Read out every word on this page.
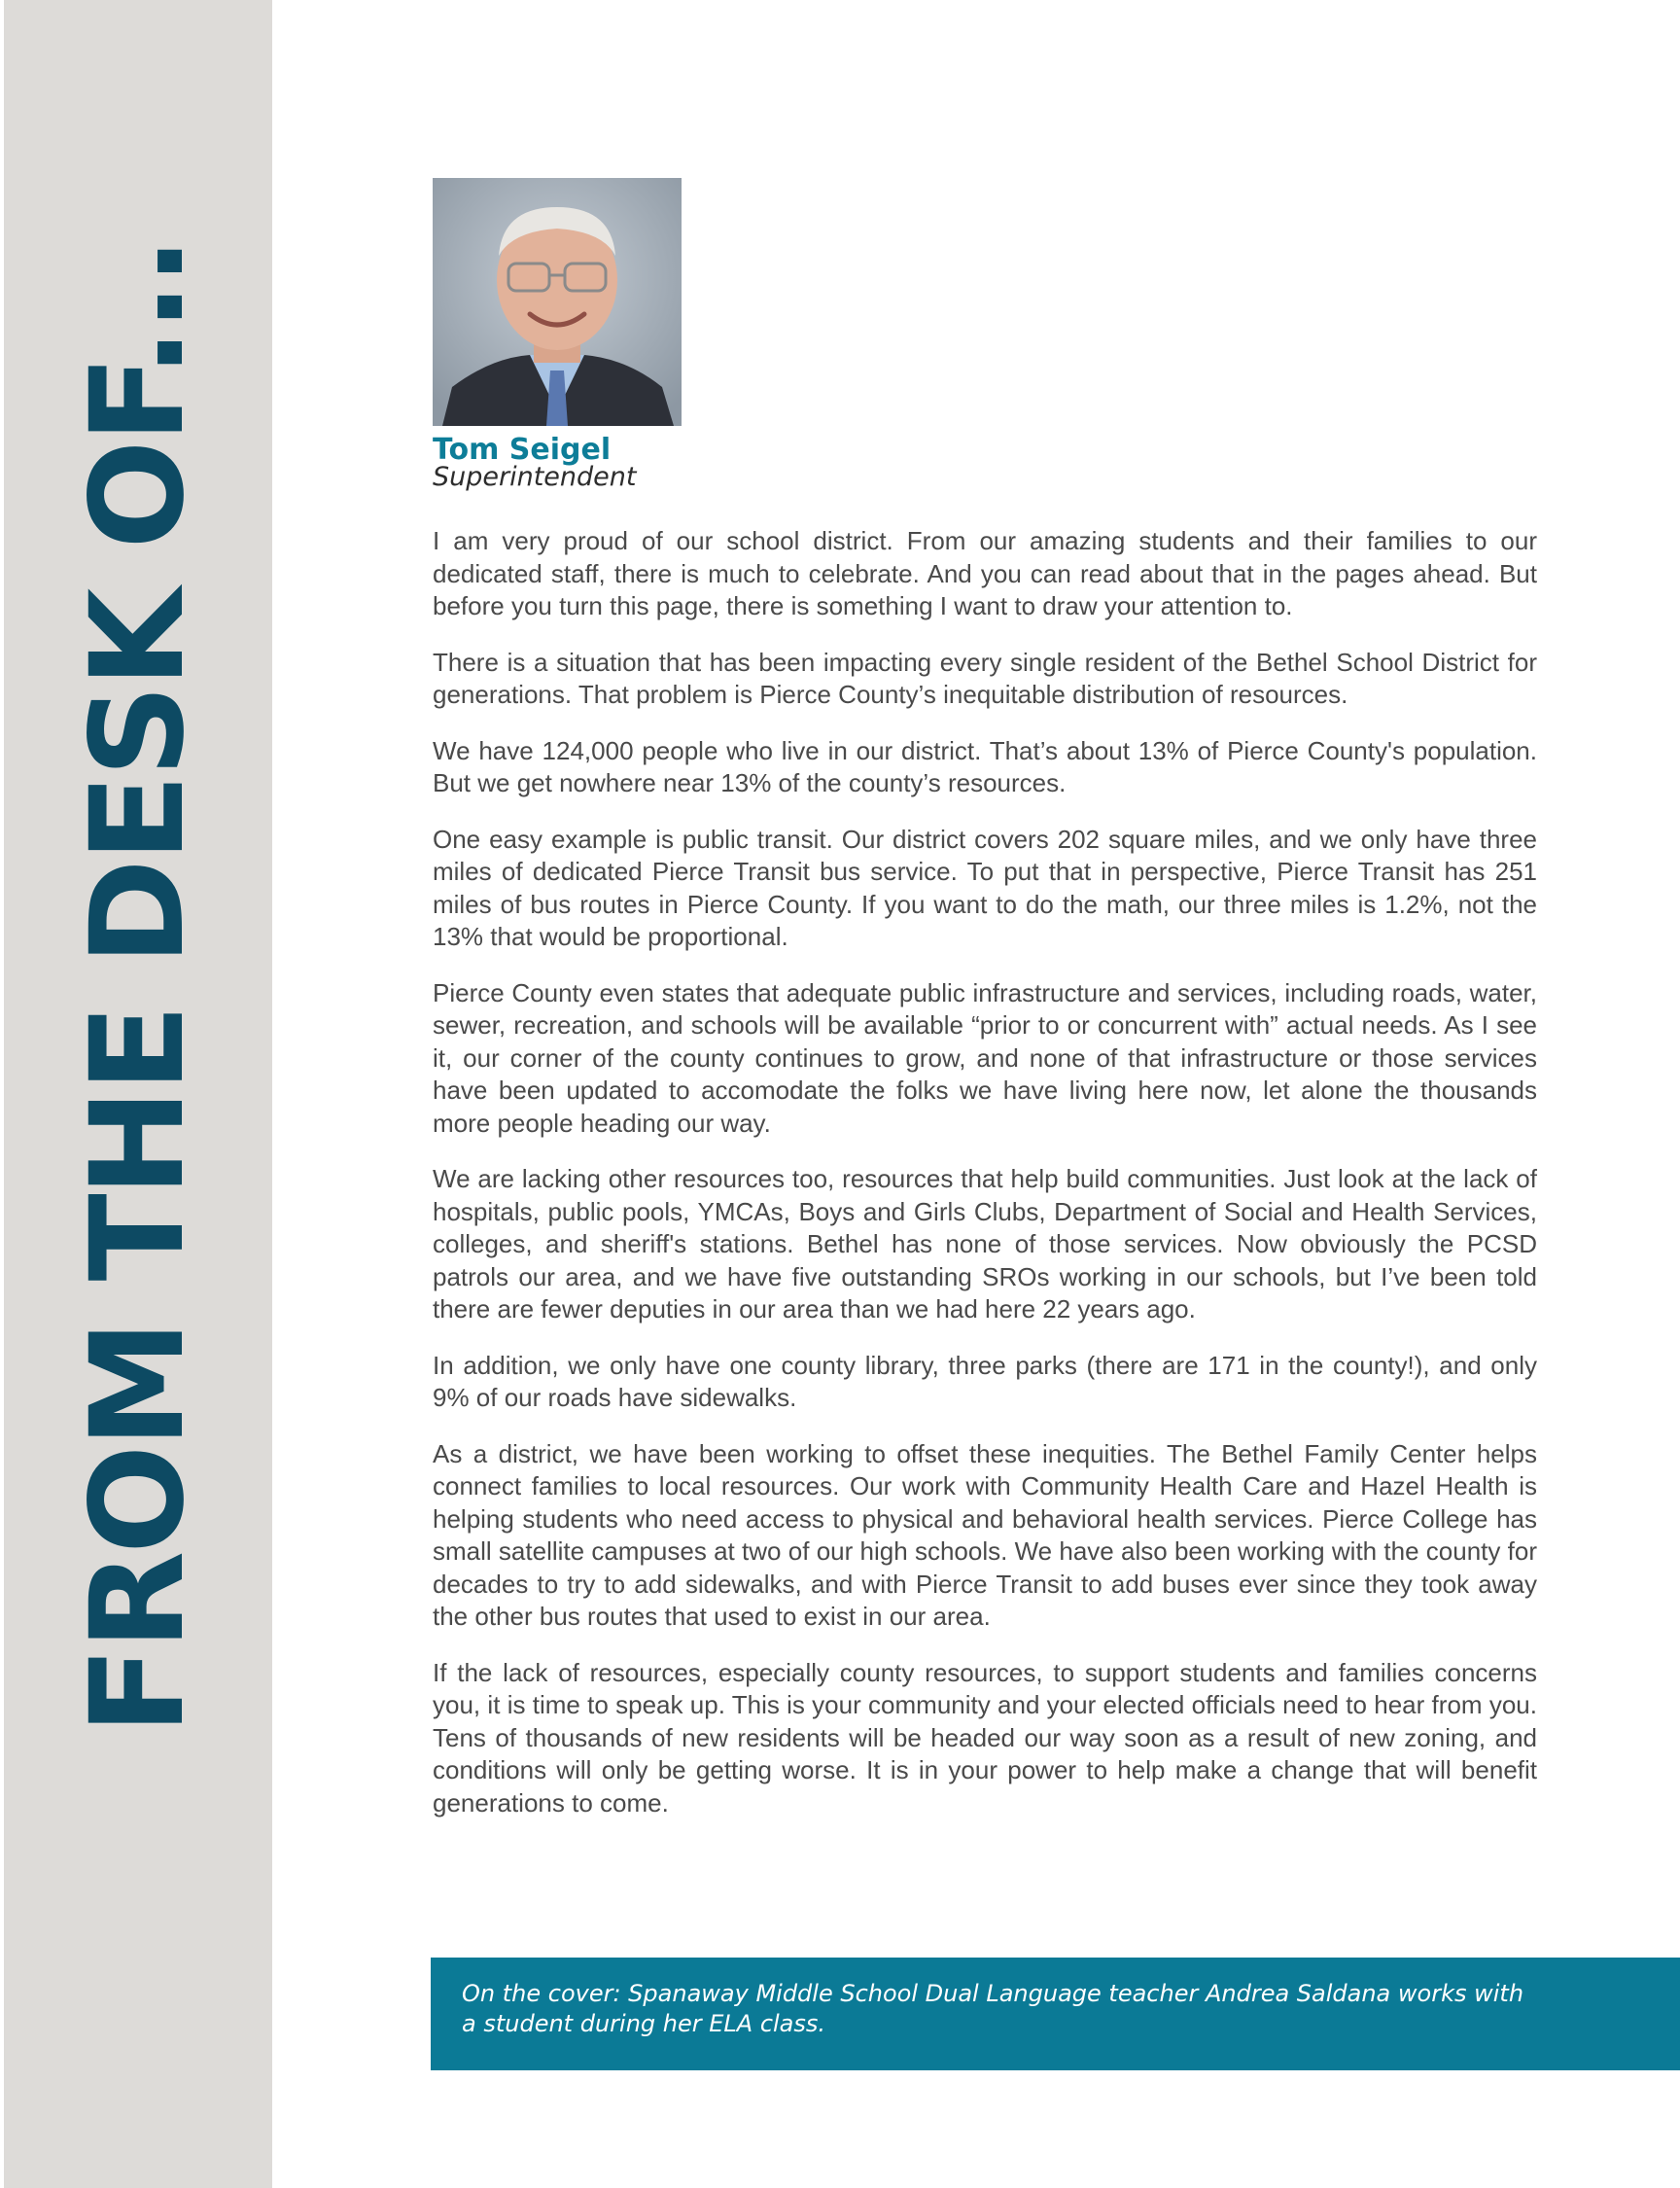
FROM THE DESK OF...	Tom Seigel
Superintendent

I am very proud of our school district. From our amazing students and their families to our dedicated staff, there is much to celebrate. And you can read about that in the pages ahead. But before you turn this page, there is something I want to draw your attention to.

There is a situation that has been impacting every single resident of the Bethel School District for generations. That problem is Pierce County’s inequitable distribution of resources.

We have 124,000 people who live in our district. That’s about 13% of Pierce County's population. But we get nowhere near 13% of the county’s resources.

One easy example is public transit. Our district covers 202 square miles, and we only have three miles of dedicated Pierce Transit bus service. To put that in perspective, Pierce Transit has 251 miles of bus routes in Pierce County. If you want to do the math, our three miles is 1.2%, not the 13% that would be proportional.

Pierce County even states that adequate public infrastructure and services, including roads, water, sewer, recreation, and schools will be available “prior to or concurrent with” actual needs. As I see it, our corner of the county continues to grow, and none of that infrastructure or those services have been updated to accomodate the folks we have living here now, let alone the thousands more people heading our way.

We are lacking other resources too, resources that help build communities. Just look at the lack of hospitals, public pools, YMCAs, Boys and Girls Clubs, Department of Social and Health Services, colleges, and sheriff's stations. Bethel has none of those services. Now obviously the PCSD patrols our area, and we have five outstanding SROs working in our schools, but I’ve been told there are fewer deputies in our area than we had here 22 years ago.

In addition, we only have one county library, three parks (there are 171 in the county!), and only 9% of our roads have sidewalks.

As a district, we have been working to offset these inequities. The Bethel Family Center helps connect families to local resources. Our work with Community Health Care and Hazel Health is helping students who need access to physical and behavioral health services. Pierce College has small satellite campuses at two of our high schools. We have also been working with the county for decades to try to add sidewalks, and with Pierce Transit to add buses ever since they took away the other bus routes that used to exist in our area.

If the lack of resources, especially county resources, to support students and families concerns you, it is time to speak up. This is your community and your elected officials need to hear from you. Tens of thousands of new residents will be headed our way soon as a result of new zoning, and conditions will only be getting worse. It is in your power to help make a change that will benefit generations to come.

On the cover: Spanaway Middle School Dual Language teacher Andrea Saldana works with a student during her ELA class.
